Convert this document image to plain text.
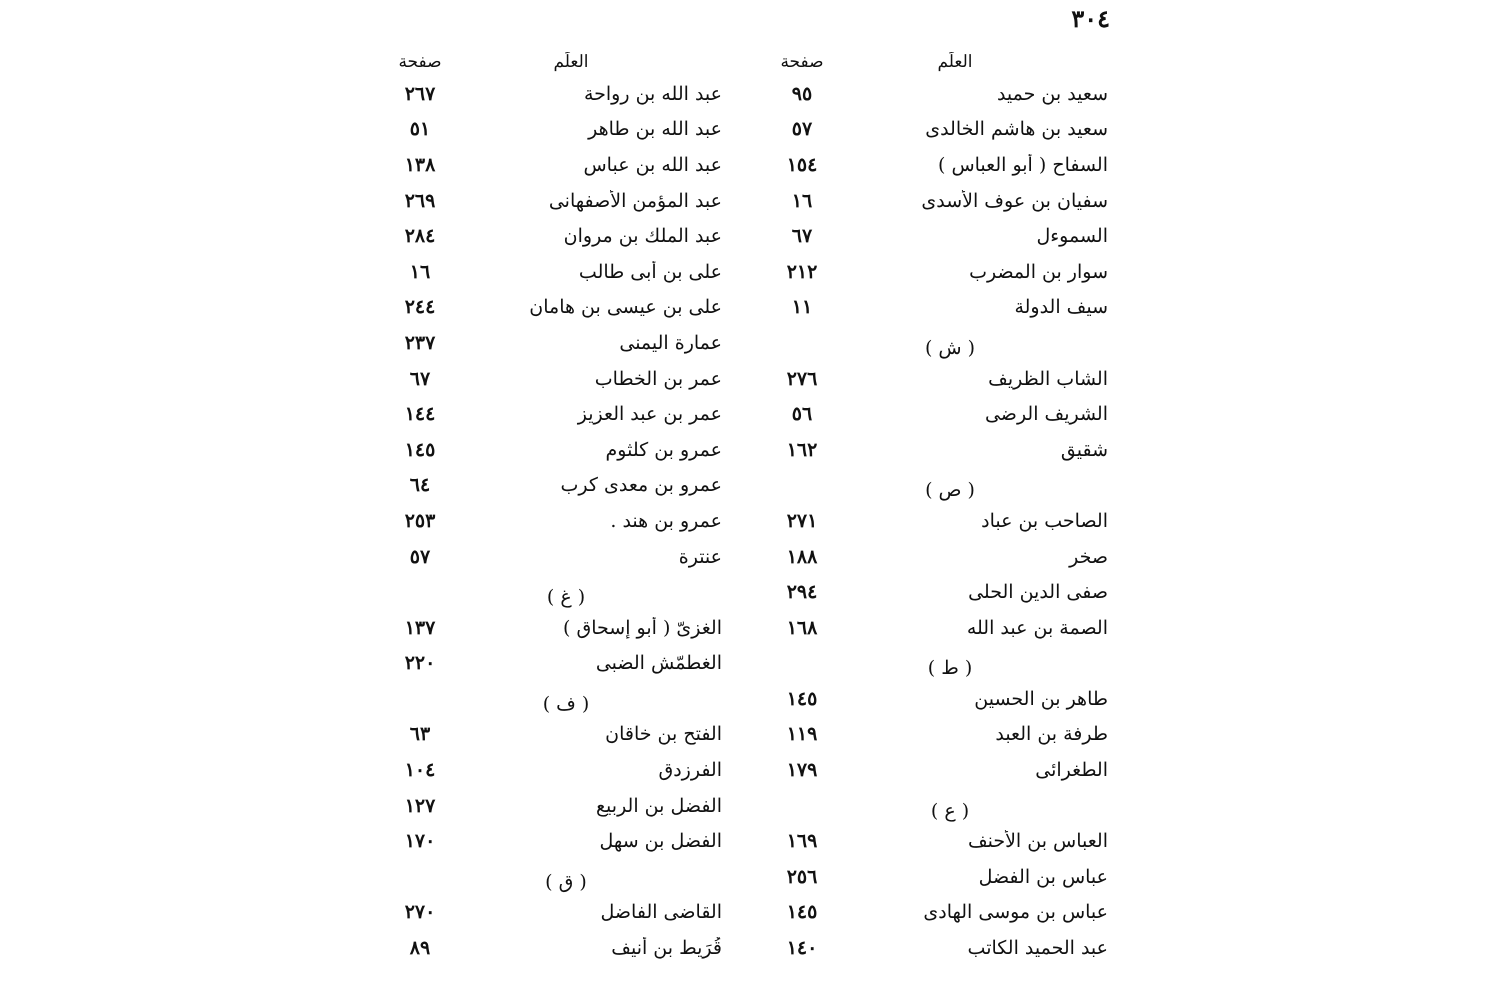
٣٠٤
العلَم
صفحة
سعيد بن حميد
٩٥
سعيد بن هاشم الخالدى
٥٧
السفاح ( أبو العباس )
١٥٤
سفيان بن عوف الأسدى
١٦
السموءل
٦٧
سوار بن المضرب
٢١٢
سيف الدولة
١١
( ش )
الشاب الظريف
٢٧٦
الشريف الرضى
٥٦
شقيق
١٦٢
( ص )
الصاحب بن عباد
٢٧١
صخر
١٨٨
صفى الدين الحلى
٢٩٤
الصمة بن عبد الله
١٦٨
( ط )
طاهر بن الحسين
١٤٥
طرفة بن العبد
١١٩
الطغرائى
١٧٩
( ع )
العباس بن الأحنف
١٦٩
عباس بن الفضل
٢٥٦
عباس بن موسى الهادى
١٤٥
عبد الحميد الكاتب
١٤٠
العلَم
صفحة
عبد الله بن رواحة
٢٦٧
عبد الله بن طاهر
٥١
عبد الله بن عباس
١٣٨
عبد المؤمن الأصفهانى
٢٦٩
عبد الملك بن مروان
٢٨٤
على بن أبى طالب
١٦
على بن عيسى بن هامان
٢٤٤
عمارة اليمنى
٢٣٧
عمر بن الخطاب
٦٧
عمر بن عبد العزيز
١٤٤
عمرو بن كلثوم
١٤٥
عمرو بن معدى كرب
٦٤
عمرو بن هند .
٢٥٣
عنترة
٥٧
( غ )
الغزىّ ( أبو إسحاق )
١٣٧
الغطمّش الضبى
٢٢٠
( ف )
الفتح بن خاقان
٦٣
الفرزدق
١٠٤
الفضل بن الربيع
١٢٧
الفضل بن سهل
١٧٠
( ق )
القاضى الفاضل
٢٧٠
قُرَيط بن أنيف
٨٩
